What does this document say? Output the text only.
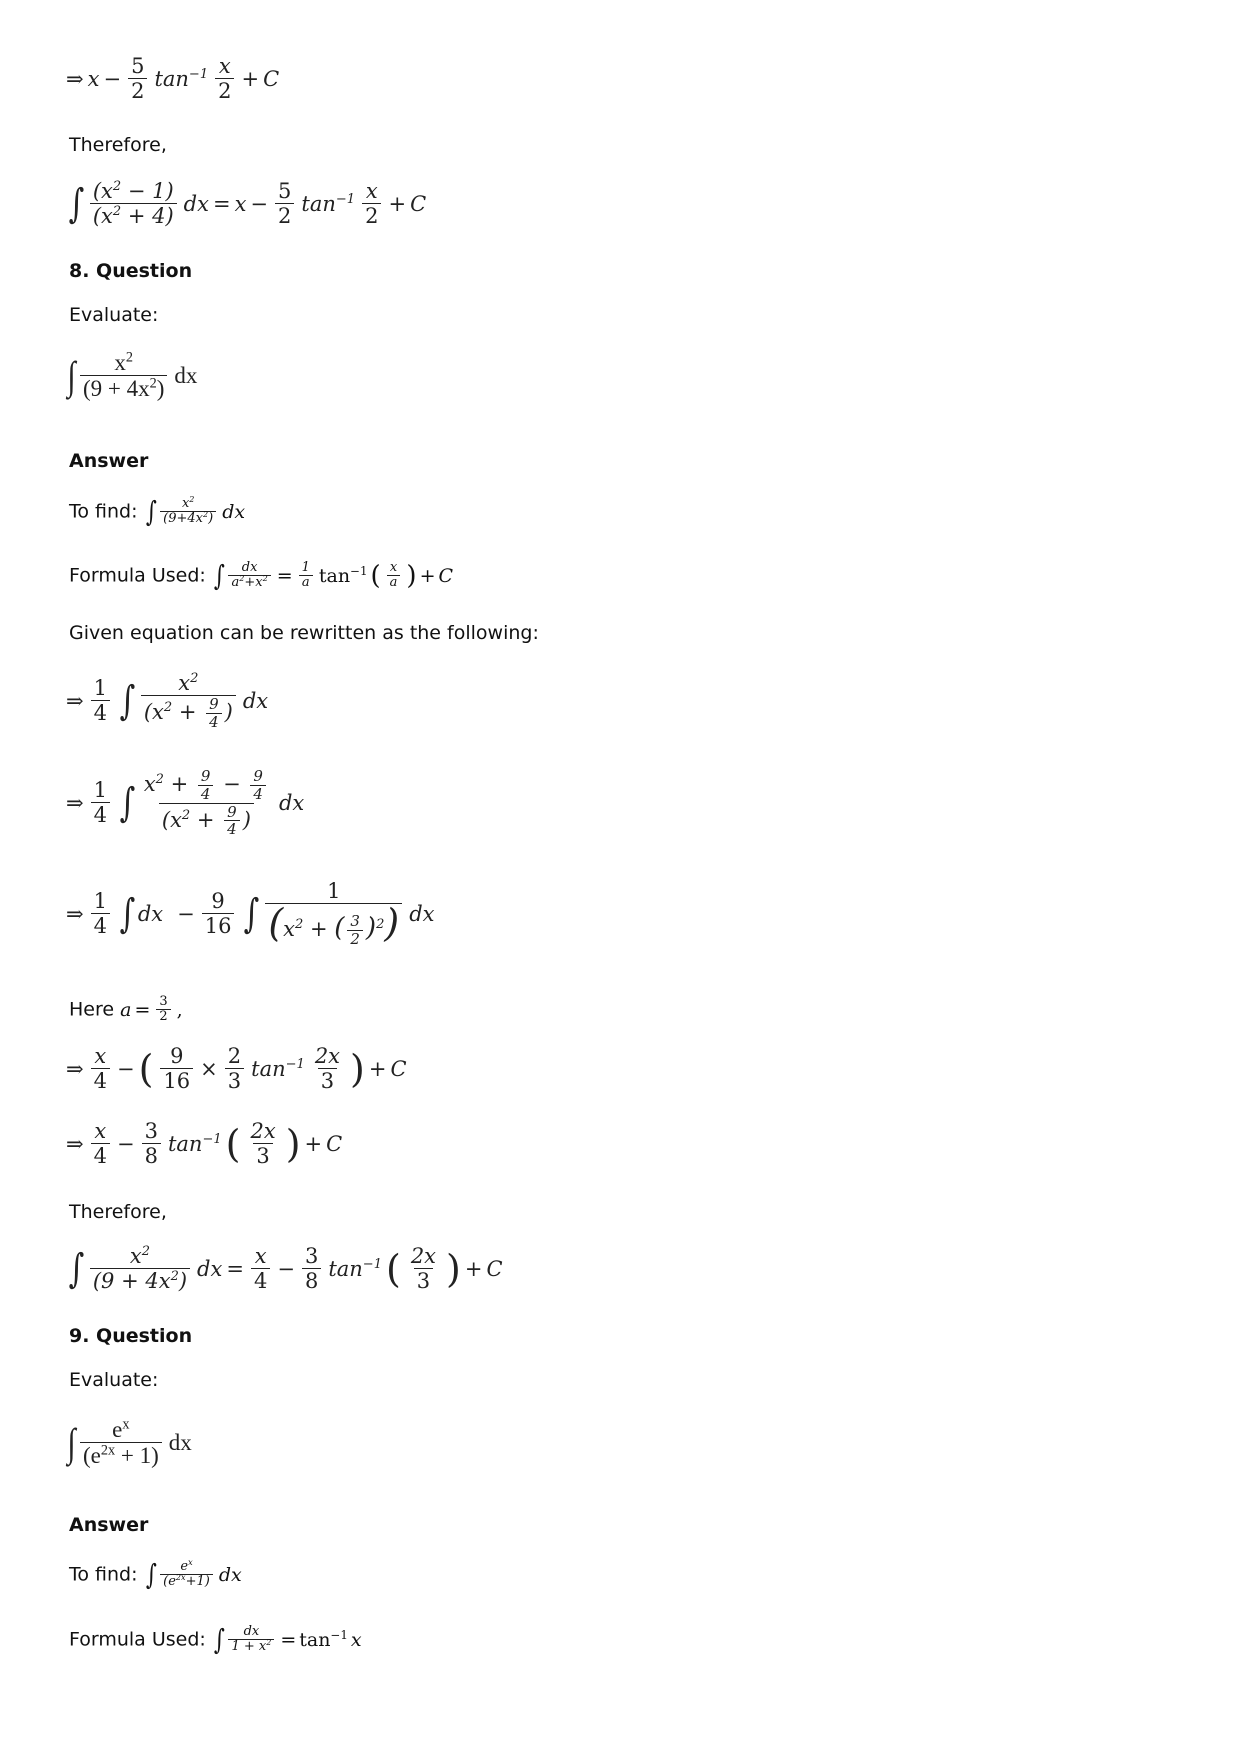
⇒ $x - \frac{5}{2} \tan^{-1} \frac{x}{2} + C$
Therefore,
∫ $\frac{(x^2 - 1)}{(x^2 + 4)}$ dx = $x - \frac{5}{2} \tan^{-1} \frac{x}{2} + C$
8. Question
Evaluate:
∫ $\frac{x^2}{(9 + 4x^2)}$ dx
Answer
To find: ∫ $\frac{x^2}{(9+4x^2)}$ dx
Formula Used: ∫ $\frac{dx}{a^2+x^2} = \frac{1}{a} \tan^{-1}$ ( $\frac{x}{a}$ ) + C
Given equation can be rewritten as the following:
⇒ $\frac{1}{4}$ ∫ $\frac{x^2}{(x^2 + \frac{9}{4} )}$ dx
⇒ $\frac{1}{4}$ ∫ $\frac{x^2 + \frac{9}{4} - \frac{9}{4}}{(x^2 + \frac{9}{4} )}$ dx
⇒ $\frac{1}{4}$ ∫ dx − $\frac{9}{16}$ ∫ $\frac{1}{(x^2 + ( \frac{3}{2} )^2)}$ dx
Here $a = \frac{3}{2}$ ,
⇒ $\frac{x}{4}$ − ( $\frac{9}{16} \times \frac{2}{3} \tan^{-1} \frac{2x}{3}$ ) + C
⇒ $\frac{x}{4} - \frac{3}{8} \tan^{-1}$ ( $\frac{2x}{3}$ ) + C
Therefore,
∫ $\frac{x^2}{(9 + 4x^2)}$ dx = $\frac{x}{4} - \frac{3}{8} \tan^{-1}$ ( $\frac{2x}{3}$ ) + C
9. Question
Evaluate:
∫ $\frac{e^x}{(e^{2x} + 1)}$ dx
Answer
To find: ∫ $\frac{e^x}{(e^{2x}+1)}$ dx
Formula Used: ∫ $\frac{dx}{1 + x^2} = \tan^{-1} x$
